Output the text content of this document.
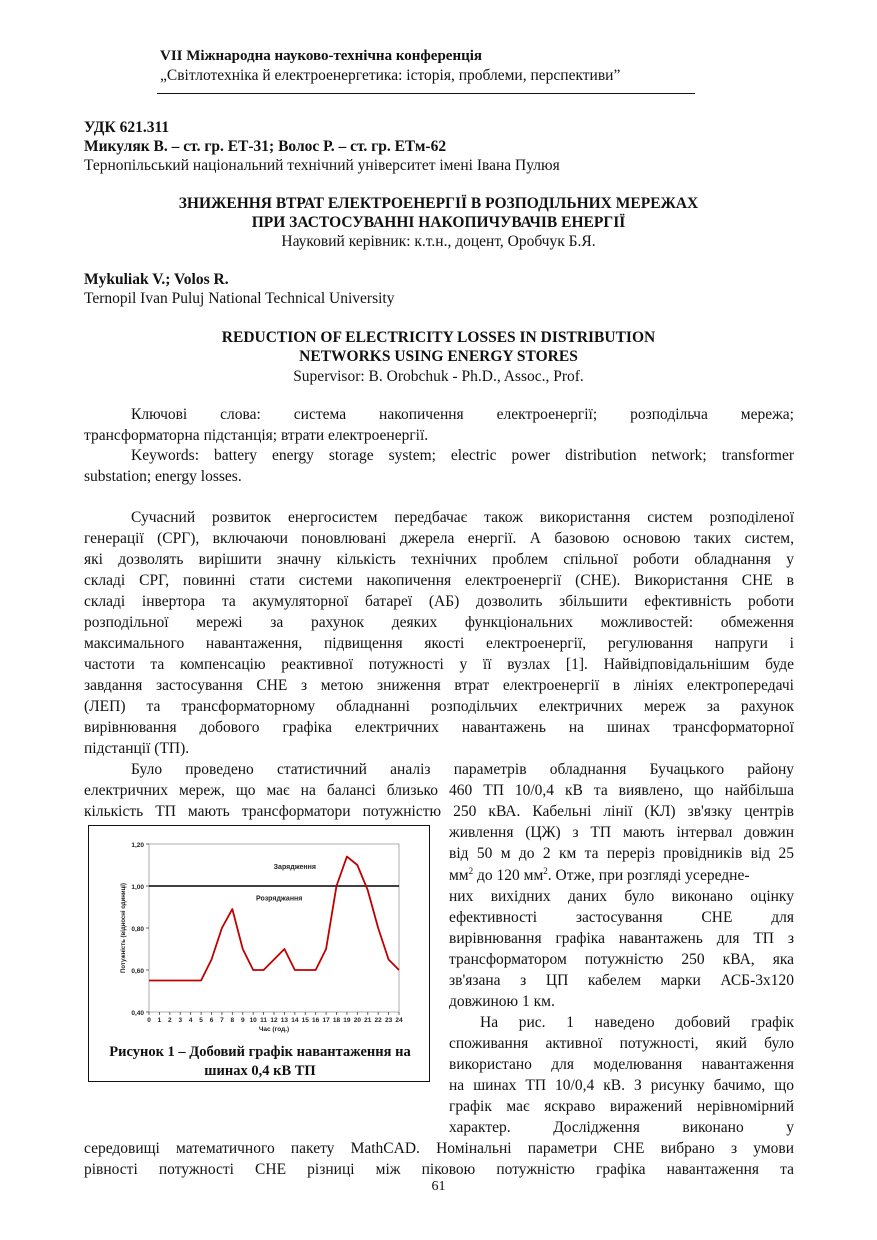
VII Міжнародна науково-технічна конференція
„Світлотехніка й електроенергетика: історія, проблеми, перспективи”
УДК 621.311
Микуляк В. – ст. гр. ЕТ-31; Волос Р. – ст. гр. ЕТм-62
Тернопільський національний технічний університет імені Івана Пулюя
ЗНИЖЕННЯ ВТРАТ ЕЛЕКТРОЕНЕРГІЇ В РОЗПОДІЛЬНИХ МЕРЕЖАХ
ПРИ ЗАСТОСУВАННІ НАКОПИЧУВАЧІВ ЕНЕРГІЇ
Науковий керівник: к.т.н., доцент, Оробчук Б.Я.
Mykuliak V.; Volos R.
Ternopil Ivan Puluj National Technical University
REDUCTION OF ELECTRICITY LOSSES IN DISTRIBUTION
NETWORKS USING ENERGY STORES
Supervisor: B. Orobchuk - Ph.D., Assoc., Prof.
Ключові слова: система накопичення електроенергії; розподільча мережа;
трансформаторна підстанція; втрати електроенергії.
Keywords: battery energy storage system; electric power distribution network; transformer
substation; energy losses.
Сучасний розвиток енергосистем передбачає також використання систем розподіленої
генерації (СРГ), включаючи поновлювані джерела енергії. А базовою основою таких систем,
які дозволять вирішити значну кількість технічних проблем спільної роботи обладнання у
складі СРГ, повинні стати системи накопичення електроенергії (СНЕ). Використання СНЕ в
складі інвертора та акумуляторної батареї (АБ) дозволить збільшити ефективність роботи
розподільної мережі за рахунок деяких функціональних можливостей: обмеження
максимального навантаження, підвищення якості електроенергії, регулювання напруги і
частоти та компенсацію реактивної потужності у її вузлах [1]. Найвідповідальнішим буде
завдання застосування СНЕ з метою зниження втрат електроенергії в лініях електропередачі
(ЛЕП) та трансформаторному обладнанні розподільчих електричних мереж за рахунок
вирівнювання добового графіка електричних навантажень на шинах трансформаторної
підстанції (ТП).
Було проведено статистичний аналіз параметрів обладнання Бучацького району
електричних мереж, що має на балансі близько 460 ТП 10/0,4 кВ та виявлено, що найбільша
кількість ТП мають трансформатори потужністю 250 кВА. Кабельні лінії (КЛ) зв'язку центрів
живлення (ЦЖ) з ТП мають інтервал довжин
від 50 м до 2 км та переріз провідників від 25
$мм^2$ до 120 $мм^2$. Отже, при розгляді усередне-
них вихідних даних було виконано оцінку
ефективності застосування СНЕ для
вирівнювання графіка навантажень для ТП з
трансформатором потужністю 250 кВА, яка
зв'язана з ЦП кабелем марки АСБ-3х120
довжиною 1 км.
На рис. 1 наведено добовий графік
споживання активної потужності, який було
використано для моделювання навантаження
на шинах ТП 10/0,4 кВ. З рисунку бачимо, що
графік має яскраво виражений нерівномірний
характер. Дослідження виконано у
середовищі математичного пакету MathCAD. Номінальні параметри СНЕ вибрано з умови
рівності потужності СНЕ різниці між піковою потужністю графіка навантаження та
0,40
0,60
0,80
1,00
1,20
0 1 2 3 4 5 6 7 8 9 10 11 12 13 14 15 16 17 18 19 20 21 22 23 24
Зарядження
Розряджання
Час (год.)
Потужність (відносні одиниці)
Рисунок 1 – Добовий графік навантаження на
шинах 0,4 кВ ТП
61
